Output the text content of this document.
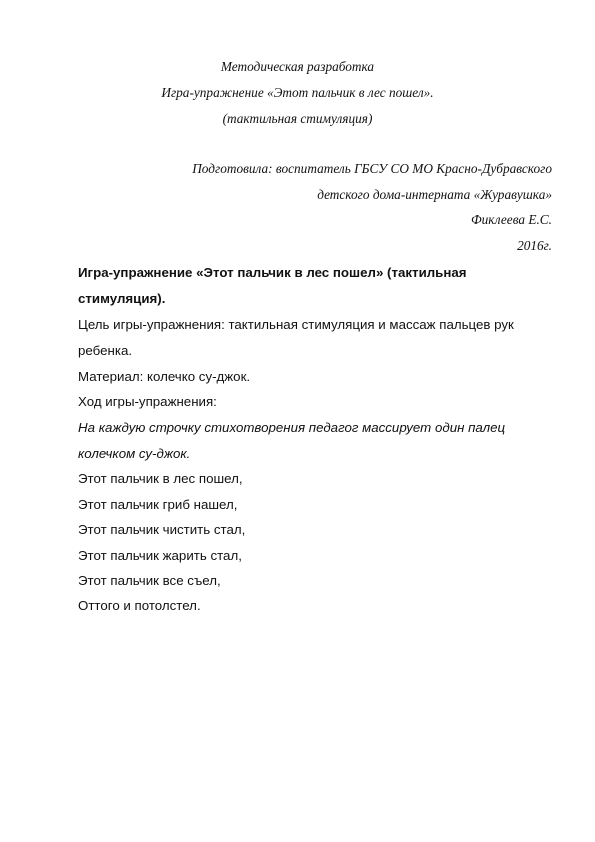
Методическая разработка
Игра-упражнение «Этот пальчик в лес пошел».
(тактильная стимуляция)
Подготовила: воспитатель ГБСУ СО МО Красно-Дубравского
детского дома-интерната «Журавушка»
Фиклеева Е.С.
2016г.
Игра-упражнение «Этот пальчик в лес пошел» (тактильная
стимуляция).
Цель игры-упражнения: тактильная стимуляция и массаж пальцев рук
ребенка.
Материал: колечко су-джок.
Ход игры-упражнения:
На каждую строчку стихотворения педагог массирует один палец
колечком су-джок.
Этот пальчик в лес пошел,
Этот пальчик гриб нашел,
Этот пальчик чистить стал,
Этот пальчик жарить стал,
Этот пальчик все съел,
Оттого и потолстел.
